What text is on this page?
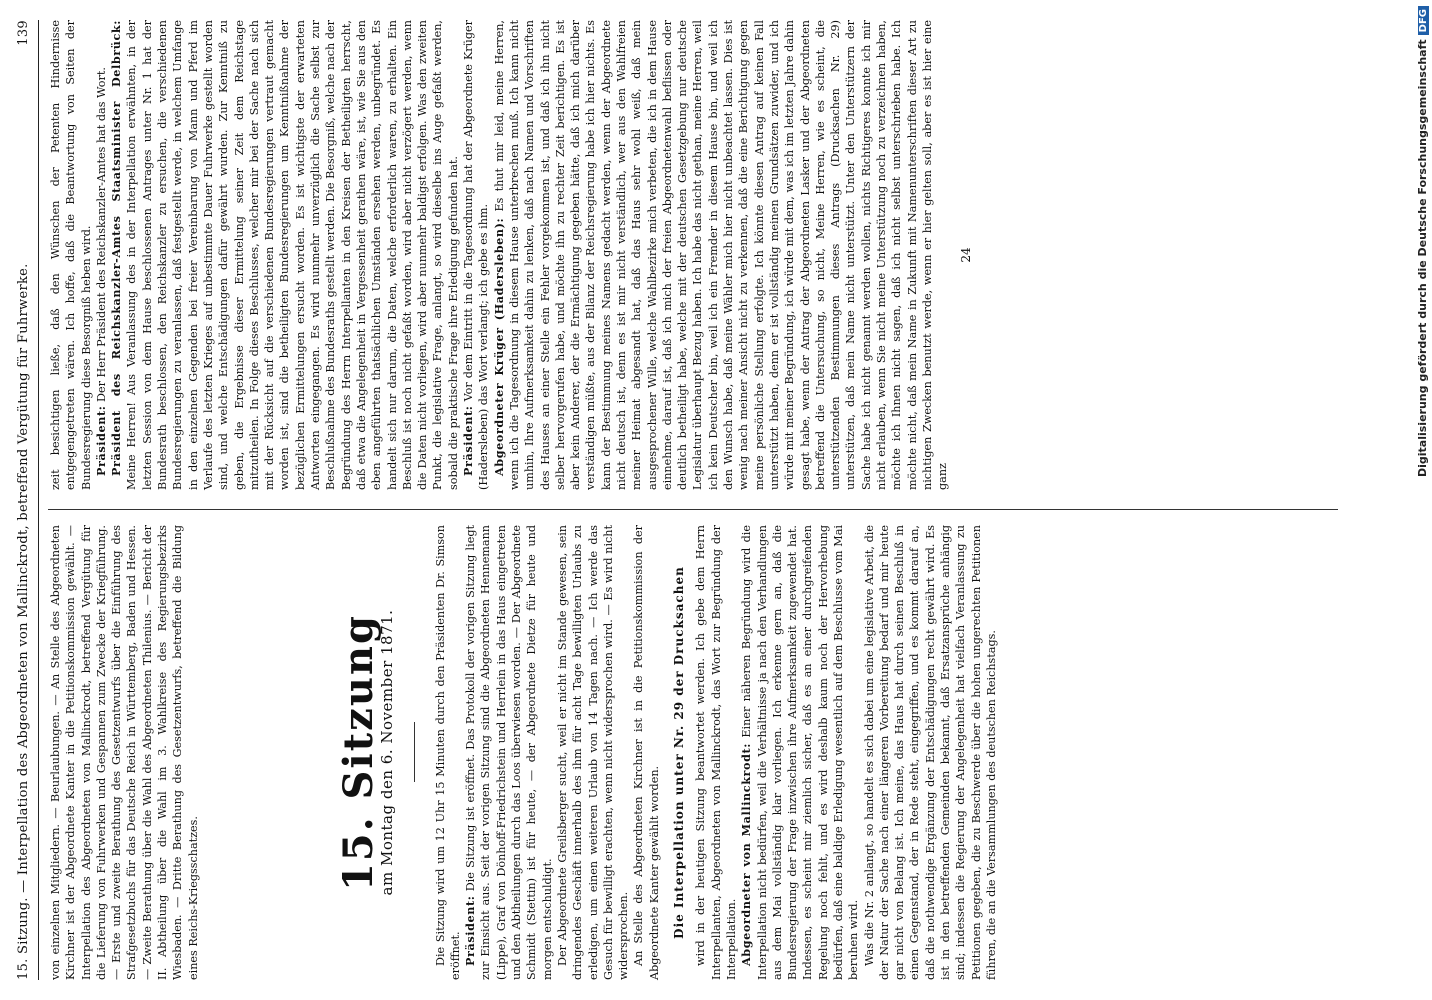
15. Sitzung. — Interpellation des Abgeordneten von Mallinckrodt, betreffend Vergütung für Fuhrwerke.
139

von einzelnen Mitgliedern. — Beurlaubungen. — An Stelle des Abgeordneten Kirchner ist der Abgeordnete Kanter in die Petitionskommission gewählt. — Interpellation des Abgeordneten von Mallinckrodt, betreffend Vergütung für die Lieferung von Fuhrwerken und Gespannen zum Zwecke der Kriegführung. — Erste und zweite Berathung des Gesetzentwurfs über die Einführung des Strafgesetzbuchs für das Deutsche Reich in Württemberg, Baden und Hessen. — Zweite Berathung über die Wahl des Abgeordneten Thilenius. — Bericht der II. Abtheilung über die Wahl im 3. Wahlkreise des Regierungsbezirks Wiesbaden. — Dritte Berathung des Gesetzentwurfs, betreffend die Bildung eines Reichs-Kriegsschatzes.

15. Sitzung
am Montag den 6. November 1871.	Die Sitzung wird um 12 Uhr 15 Minuten durch den Präsidenten Dr. Simson eröffnet. Präsident: Die Sitzung ist eröffnet. Das Protokoll der vorigen Sitzung liegt zur Einsicht aus. Seit der vorigen Sitzung sind die Abgeordneten Hennemann (Lippe), Graf von Dönhoff-Friedrichstein und Herrlein in das Haus eingetreten und den Abtheilungen durch das Loos überwiesen worden. — Der Abgeordnete Schmidt (Stettin) ist für heute, — der Abgeordnete Dietze für heute und morgen entschuldigt. Der Abgeordnete Greilsberger sucht, weil er nicht im Stande gewesen, sein dringendes Geschäft innerhalb des ihm für acht Tage bewilligten Urlaubs zu erledigen, um einen weiteren Urlaub von 14 Tagen nach. — Ich werde das Gesuch für bewilligt erachten, wenn nicht widersprochen wird. — Es wird nicht widersprochen. An Stelle des Abgeordneten Kirchner ist in die Petitionskommission der Abgeordnete Kanter gewählt worden. Die Interpellation unter Nr. 29 der Drucksachen wird in der heutigen Sitzung beantwortet werden. Ich gebe dem Herrn Interpellanten, Abgeordneten von Mallinckrodt, das Wort zur Begründung der Interpellation. Abgeordneter von Mallinckrodt: Einer näheren Begründung wird die Interpellation nicht bedürfen, weil die Verhältnisse ja nach den Verhandlungen aus dem Mai vollständig klar vorliegen. Ich erkenne gern an, daß die Bundesregierung der Frage inzwischen ihre Aufmerksamkeit zugewendet hat. Indessen, es scheint mir ziemlich sicher, daß es an einer durchgreifenden Regelung noch fehlt, und es wird deshalb kaum noch der Hervorhebung bedürfen, daß eine baldige Erledigung wesentlich auf dem Beschlusse vom Mai beruhen wird. Was die Nr. 2 anlangt, so handelt es sich dabei um eine legislative Arbeit, die der Natur der Sache nach einer längeren Vorbereitung bedarf und mir heute gar nicht von Belang ist. Ich meine, das Haus hat durch seinen Beschluß in einen Gegenstand, der in Rede steht, eingegriffen, und es kommt darauf an, daß die nothwendige Ergänzung der Entschädigungen recht gewährt wird. Es ist in den betreffenden Gemeinden bekannt, daß Ersatzansprüche anhängig sind; indessen die Regierung der Angelegenheit hat vielfach Veranlassung zu Petitionen gegeben, die zu Beschwerde über die hohen ungerechten Petitionen führen, die an die Versammlungen des deutschen Reichstags.

zeit besichtigen ließe, daß den Wünschen der Petenten Hindernisse entgegengetreten wären. Ich hoffe, daß die Beantwortung von Seiten der Bundesregierung diese Besorgniß heben wird. Präsident: Der Herr Präsident des Reichskanzler-Amtes hat das Wort. Präsident des Reichskanzler-Amtes Staatsminister Delbrück: Meine Herren! Aus Veranlassung des in der Interpellation erwähnten, in der letzten Session von dem Hause beschlossenen Antrages unter Nr. 1 hat der Bundesrath beschlossen, den Reichskanzler zu ersuchen, die verschiedenen Bundesregierungen zu veranlassen, daß festgestellt werde, in welchem Umfange in den einzelnen Gegenden bei freier Vereinbarung von Mann und Pferd im Verlaufe des letzten Krieges auf unbestimmte Dauer Fuhrwerke gestellt worden sind, und welche Entschädigungen dafür gewährt wurden. Zur Kenntniß zu geben, die Ergebnisse dieser Ermittelung seiner Zeit dem Reichstage mitzutheilen. In Folge dieses Beschlusses, welcher mir bei der Sache nach sich mit der Rücksicht auf die verschiedenen Bundesregierungen vertraut gemacht worden ist, sind die betheiligten Bundesregierungen um Kenntnißnahme der bezüglichen Ermittelungen ersucht worden. Es ist wichtigste der erwarteten Antworten eingegangen. Es wird nunmehr unverzüglich die Sache selbst zur Beschlußnahme des Bundesraths gestellt werden. Die Besorgniß, welche nach der Begründung des Herrn Interpellanten in den Kreisen der Betheiligten herrscht, daß etwa die Angelegenheit in Vergessenheit gerathen wäre, ist, wie Sie aus den eben angeführten thatsächlichen Umständen ersehen werden, unbegründet. Es handelt sich nur darum, die Daten, welche erforderlich waren, zu erhalten. Ein Beschluß ist noch nicht gefaßt worden, wird aber nicht verzögert werden, wenn die Daten nicht vorliegen, wird aber nunmehr baldigst erfolgen. Was den zweiten Punkt, die legislative Frage, anlangt, so wird dieselbe ins Auge gefaßt werden, sobald die praktische Frage ihre Erledigung gefunden hat. Präsident: Vor dem Eintritt in die Tagesordnung hat der Abgeordnete Krüger (Hadersleben) das Wort verlangt; ich gebe es ihm. Abgeordneter Krüger (Hadersleben): Es thut mir leid, meine Herren, wenn ich die Tagesordnung in diesem Hause unterbrechen muß. Ich kann nicht umhin, Ihre Aufmerksamkeit dahin zu lenken, daß nach Namen und Vorschriften des Hauses an einer Stelle ein Fehler vorgekommen ist, und daß ich ihn nicht selber hervorgerufen habe, und möchte ihn zu rechter Zeit berichtigen. Es ist aber kein Anderer, der die Ermächtigung gegeben hätte, daß ich mich darüber verständigen müßte, aus der Bilanz der Reichsregierung habe ich hier nichts. Es kann der Bestimmung meines Namens gedacht werden, wenn der Abgeordnete nicht deutsch ist, denn es ist mir nicht verständlich, wer aus den Wahlfreien meiner Heimat abgesandt hat, daß das Haus sehr wohl weiß, daß mein ausgesprochener Wille, welche Wahlbezirke mich verbeten, die ich in dem Hause einnehme, darauf ist, daß ich mich der freien Abgeordnetenwahl beflissen oder deutlich betheiligt habe, welche mit der deutschen Gesetzgebung nur deutsche Legislatur überhaupt Bezug haben. Ich habe das nicht gethan, meine Herren, weil ich kein Deutscher bin, weil ich ein Fremder in diesem Hause bin, und weil ich den Wunsch habe, daß meine Wähler mich hier nicht unbeachtet lassen. Dies ist wenig nach meiner Ansicht nicht zu verkennen, daß die eine Berichtigung gegen meine persönliche Stellung erfolgte. Ich könnte diesen Antrag auf keinen Fall unterstützt haben, denn er ist vollständig meinen Grundsätzen zuwider, und ich würde mit meiner Begründung, ich würde mit dem, was ich im letzten Jahre dahin gesagt habe, wenn der Antrag der Abgeordneten Lasker und der Abgeordneten betreffend die Untersuchung, so nicht, Meine Herren, wie es scheint, die unterstützenden Bestimmungen dieses Antrags (Drucksachen Nr. 29) unterstützen, daß mein Name nicht unterstützt. Unter den Unterstützern der Sache habe ich nicht genannt werden wollen, nichts Richtigeres konnte ich mir nicht erlauben, wenn Sie nicht meine Unterstützung noch zu verzeichnen haben, möchte ich Ihnen nicht sagen, daß ich nicht selbst unterschrieben habe. Ich möchte nicht, daß mein Name in Zukunft mit Namenunterschriften dieser Art zu nichtigen Zwecken benutzt werde, wenn er hier gelten soll, aber es ist hier eine ganz

24	Digitalisierung gefördert durch die Deutsche ForschungsgemeinschaftDFG
